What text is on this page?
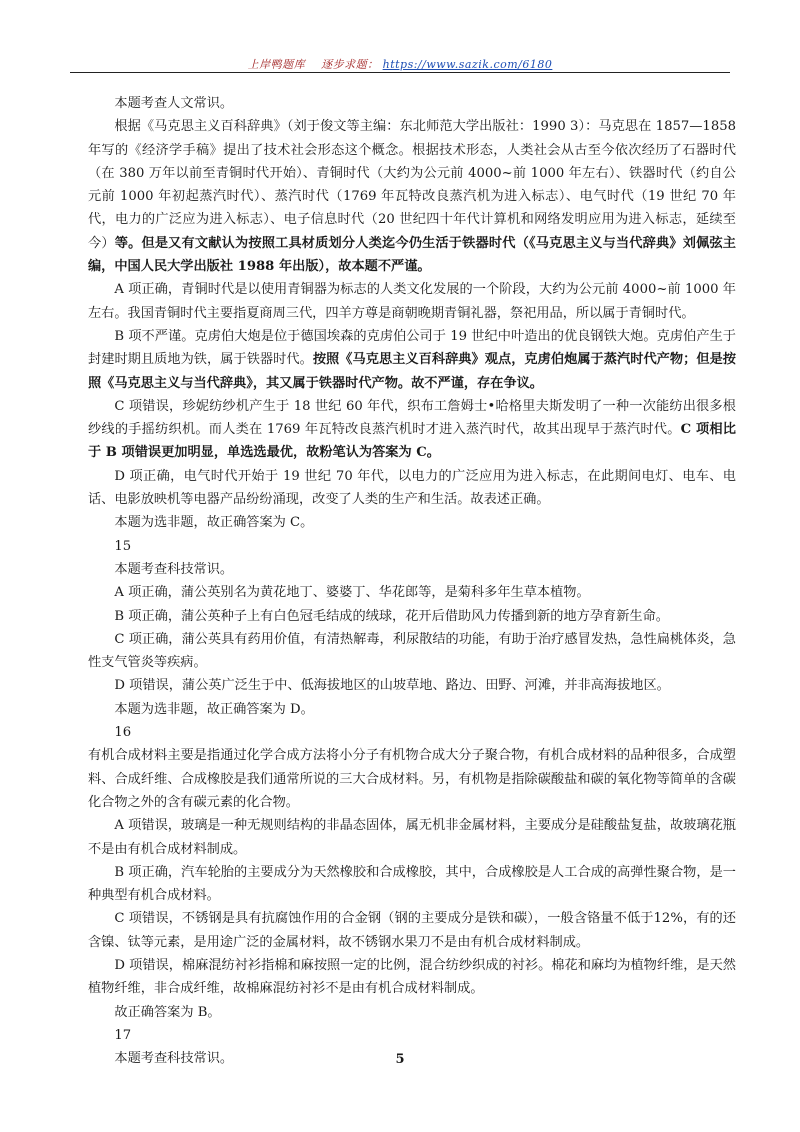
上岸鸭题库 逐步求题： https://www.sazik.com/6180

本题考查人文常识。

根据《马克思主义百科辞典》（刘于俊文等主编：东北师范大学出版社：1990 3）：马克思在 1857—1858 年写的《经济学手稿》提出了技术社会形态这个概念。根据技术形态，人类社会从古至今依次经历了石器时代（在 380 万年以前至青铜时代开始）、青铜时代（大约为公元前 4000~前 1000 年左右）、铁器时代（约自公元前 1000 年初起蒸汽时代）、蒸汽时代（1769 年瓦特改良蒸汽机为进入标志）、电气时代（19 世纪 70 年代，电力的广泛应为进入标志）、电子信息时代（20 世纪四十年代计算机和网络发明应用为进入标志，延续至今）等。但是又有文献认为按照工具材质划分人类迄今仍生活于铁器时代（《马克思主义与当代辞典》刘佩弦主编，中国人民大学出版社 1988 年出版），故本题不严谨。

A 项正确，青铜时代是以使用青铜器为标志的人类文化发展的一个阶段，大约为公元前 4000~前 1000 年左右。我国青铜时代主要指夏商周三代，四羊方尊是商朝晚期青铜礼器，祭祀用品，所以属于青铜时代。

B 项不严谨。克虏伯大炮是位于德国埃森的克虏伯公司于 19 世纪中叶造出的优良钢铁大炮。克虏伯产生于封建时期且质地为铁，属于铁器时代。按照《马克思主义百科辞典》观点，克虏伯炮属于蒸汽时代产物；但是按照《马克思主义与当代辞典》，其又属于铁器时代产物。故不严谨，存在争议。

C 项错误，珍妮纺纱机产生于 18 世纪 60 年代，织布工詹姆士•哈格里夫斯发明了一种一次能纺出很多根纱线的手摇纺织机。而人类在 1769 年瓦特改良蒸汽机时才进入蒸汽时代，故其出现早于蒸汽时代。C 项相比于 B 项错误更加明显，单选选最优，故粉笔认为答案为 C。

D 项正确，电气时代开始于 19 世纪 70 年代，以电力的广泛应用为进入标志，在此期间电灯、电车、电话、电影放映机等电器产品纷纷涌现，改变了人类的生产和生活。故表述正确。

本题为选非题，故正确答案为 C。

15

本题考查科技常识。

A 项正确，蒲公英别名为黄花地丁、婆婆丁、华花郎等，是菊科多年生草本植物。

B 项正确，蒲公英种子上有白色冠毛结成的绒球，花开后借助风力传播到新的地方孕育新生命。

C 项正确，蒲公英具有药用价值，有清热解毒，利尿散结的功能，有助于治疗感冒发热，急性扁桃体炎，急性支气管炎等疾病。

D 项错误，蒲公英广泛生于中、低海拔地区的山坡草地、路边、田野、河滩，并非高海拔地区。

本题为选非题，故正确答案为 D。

16

有机合成材料主要是指通过化学合成方法将小分子有机物合成大分子聚合物，有机合成材料的品种很多，合成塑料、合成纤维、合成橡胶是我们通常所说的三大合成材料。另，有机物是指除碳酸盐和碳的氧化物等简单的含碳化合物之外的含有碳元素的化合物。

A 项错误，玻璃是一种无规则结构的非晶态固体，属无机非金属材料，主要成分是硅酸盐复盐，故玻璃花瓶不是由有机合成材料制成。

B 项正确，汽车轮胎的主要成分为天然橡胶和合成橡胶，其中，合成橡胶是人工合成的高弹性聚合物，是一种典型有机合成材料。

C 项错误，不锈钢是具有抗腐蚀作用的合金钢（钢的主要成分是铁和碳），一般含铬量不低于12%，有的还含镍、钛等元素，是用途广泛的金属材料，故不锈钢水果刀不是由有机合成材料制成。

D 项错误，棉麻混纺衬衫指棉和麻按照一定的比例，混合纺纱织成的衬衫。棉花和麻均为植物纤维，是天然植物纤维，非合成纤维，故棉麻混纺衬衫不是由有机合成材料制成。

故正确答案为 B。

17

本题考查科技常识。	5
